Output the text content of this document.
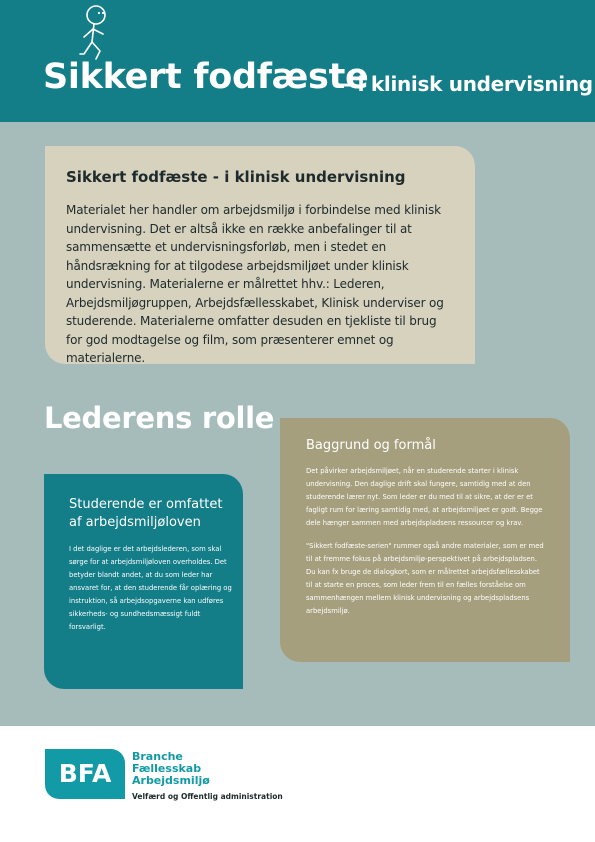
Sikkert fodfæste
- i klinisk undervisning
Sikkert fodfæste - i klinisk undervisning

Materialet her handler om arbejdsmiljø i forbindelse med klinisk undervisning. Det er altså ikke en række anbefalinger til at sammensætte et undervisningsforløb, men i stedet en håndsrækning for at tilgodese arbejdsmiljøet under klinisk undervisning. Materialerne er målrettet hhv.: Lederen, Arbejdsmiljøgruppen, Arbejdsfællesskabet, Klinisk underviser og studerende. Materialerne omfatter desuden en tjekliste til brug for god modtagelse og film, som præsenterer emnet og materialerne.

Lederens rolle
Studerende er omfattet af arbejdsmiljøloven

I det daglige er det arbejdslederen, som skal sørge for at arbejdsmiljøloven overholdes. Det betyder blandt andet, at du som leder har ansvaret for, at den studerende får oplæring og instruktion, så arbejdsopgaverne kan udføres sikkerheds- og sundhedsmæssigt fuldt forsvarligt.

Baggrund og formål

Det påvirker arbejdsmiljøet, når en studerende starter i klinisk undervisning. Den daglige drift skal fungere, samtidig med at den studerende lærer nyt. Som leder er du med til at sikre, at der er et fagligt rum for læring samtidig med, at arbejdsmiljøet er godt. Begge dele hænger sammen med arbejdspladsens ressourcer og krav.

"Sikkert fodfæste-serien" rummer også andre materialer, som er med til at fremme fokus på arbejdsmiljø-perspektivet på arbejdspladsen. Du kan fx bruge de dialogkort, som er målrettet arbejdsfællesskabet til at starte en proces, som leder frem til en fælles forståelse om sammenhængen mellem klinisk undervisning og arbejdspladsens arbejdsmiljø.

BFA
Branche
Fællesskab
Arbejdsmiljø
Velfærd og Offentlig administration
